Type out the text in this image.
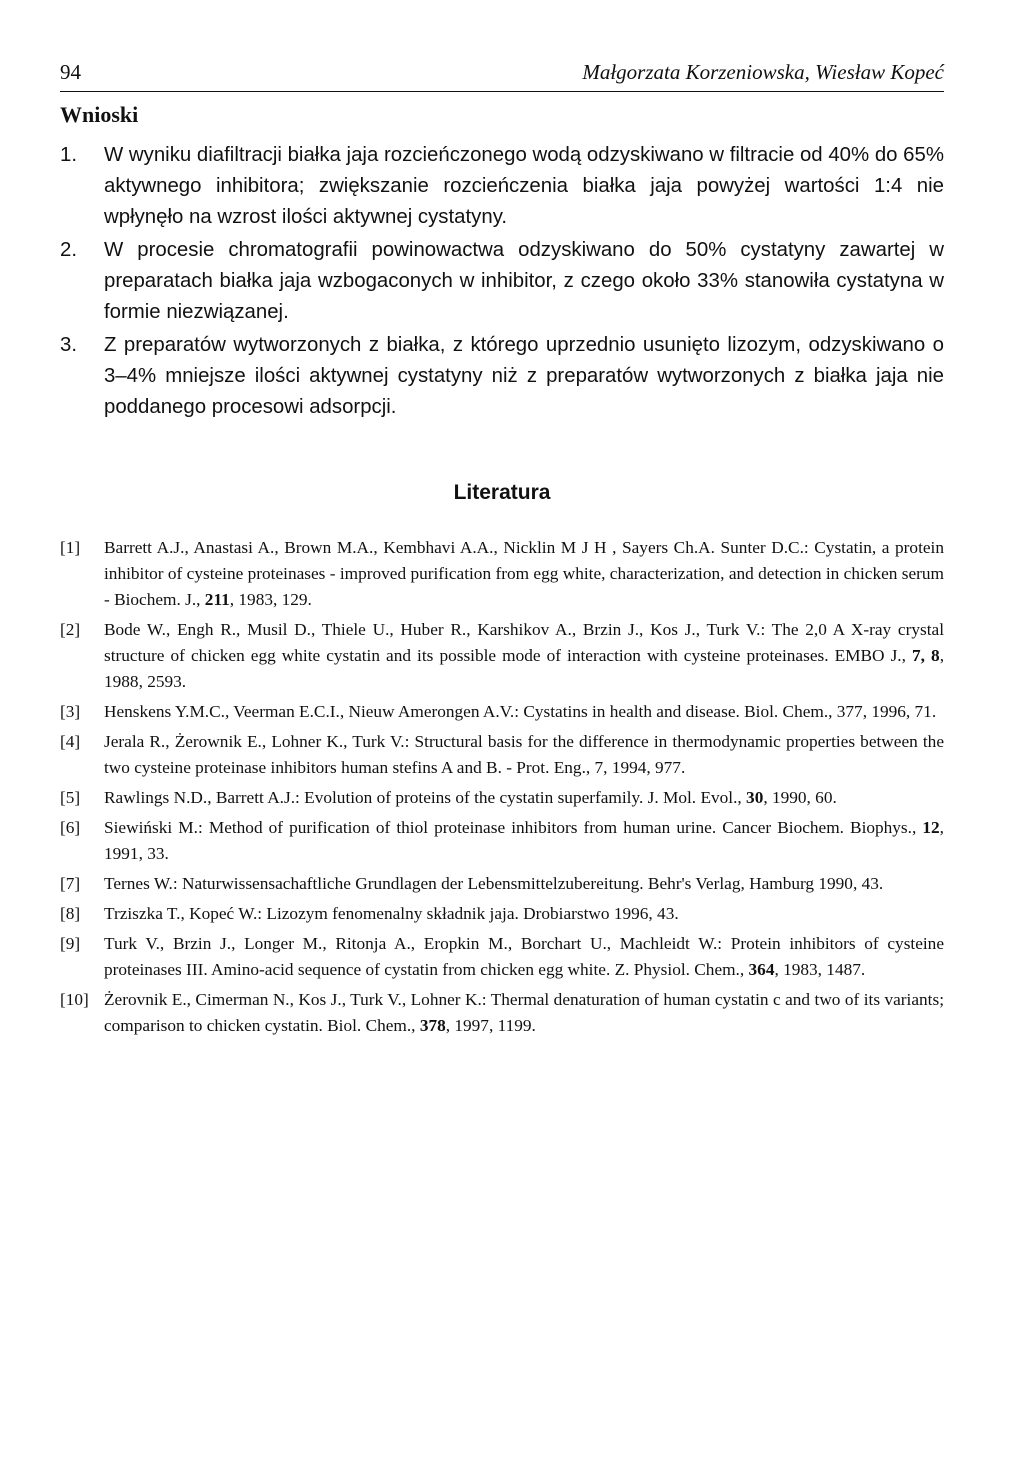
94	Małgorzata Korzeniowska, Wiesław Kopeć
Wnioski
1. W wyniku diafiltracji białka jaja rozcieńczonego wodą odzyskiwano w filtracie od 40% do 65% aktywnego inhibitora; zwiększanie rozcieńczenia białka jaja powyżej wartości 1:4 nie wpłynęło na wzrost ilości aktywnej cystatyny.
2. W procesie chromatografii powinowactwa odzyskiwano do 50% cystatyny zawartej w preparatach białka jaja wzbogaconych w inhibitor, z czego około 33% stanowiła cystatyna w formie niezwiązanej.
3. Z preparatów wytworzonych z białka, z którego uprzednio usunięto lizozym, odzyskiwano o 3–4% mniejsze ilości aktywnej cystatyny niż z preparatów wytworzonych z białka jaja nie poddanego procesowi adsorpcji.
Literatura
[1] Barrett A.J., Anastasi A., Brown M.A., Kembhavi A.A., Nicklin M J H , Sayers Ch.A. Sunter D.C.: Cystatin, a protein inhibitor of cysteine proteinases - improved purification from egg white, characterization, and detection in chicken serum - Biochem. J., 211, 1983, 129.
[2] Bode W., Engh R., Musil D., Thiele U., Huber R., Karshikov A., Brzin J., Kos J., Turk V.: The 2,0 A X-ray crystal structure of chicken egg white cystatin and its possible mode of interaction with cysteine proteinases. EMBO J., 7, 8, 1988, 2593.
[3] Henskens Y.M.C., Veerman E.C.I., Nieuw Amerongen A.V.: Cystatins in health and disease. Biol. Chem., 377, 1996, 71.
[4] Jerala R., Żerownik E., Lohner K., Turk V.: Structural basis for the difference in thermodynamic properties between the two cysteine proteinase inhibitors human stefins A and B. - Prot. Eng., 7, 1994, 977.
[5] Rawlings N.D., Barrett A.J.: Evolution of proteins of the cystatin superfamily. J. Mol. Evol., 30, 1990, 60.
[6] Siewiński M.: Method of purification of thiol proteinase inhibitors from human urine. Cancer Biochem. Biophys., 12, 1991, 33.
[7] Ternes W.: Naturwissensachaftliche Grundlagen der Lebensmittelzubereitung. Behr's Verlag, Hamburg 1990, 43.
[8] Trziszka T., Kopeć W.: Lizozym fenomenalny składnik jaja. Drobiarstwo 1996, 43.
[9] Turk V., Brzin J., Longer M., Ritonja A., Eropkin M., Borchart U., Machleidt W.: Protein inhibitors of cysteine proteinases III. Amino-acid sequence of cystatin from chicken egg white. Z. Physiol. Chem., 364, 1983, 1487.
[10] Żerovnik E., Cimerman N., Kos J., Turk V., Lohner K.: Thermal denaturation of human cystatin c and two of its variants; comparison to chicken cystatin. Biol. Chem., 378, 1997, 1199.
